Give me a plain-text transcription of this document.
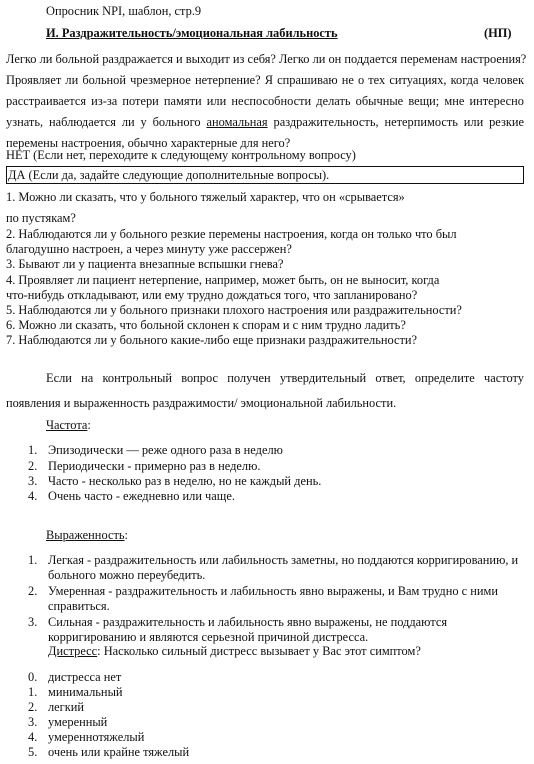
Опросник NPI, шаблон, стр.9
И. Раздражительность/эмоциональная лабильность	(НП)
Легко ли больной раздражается и выходит из себя? Легко ли он поддается переменам настроения?
Проявляет ли больной чрезмерное нетерпение? Я спрашиваю не о тех ситуациях, когда человек
расстраивается из-за потери памяти или неспособности делать обычные вещи; мне интересно
узнать, наблюдается ли у больного аномальная раздражительность, нетерпимость или резкие
перемены настроения, обычно характерные для него?
НЕТ (Если нет, переходите к следующему контрольному вопросу)
ДА (Если да, задайте следующие дополнительные вопросы).
1. Можно ли сказать, что у больного тяжелый характер, что он «срывается»
по пустякам?
2. Наблюдаются ли у больного резкие перемены настроения, когда он только что был
благодушно настроен, а через минуту уже рассержен?
3. Бывают ли у пациента внезапные вспышки гнева?
4. Проявляет ли пациент нетерпение, например, может быть, он не выносит, когда
что-нибудь откладывают, или ему трудно дождаться того, что запланировано?
5. Наблюдаются ли у больного признаки плохого настроения или раздражительности?
6. Можно ли сказать, что больной склонен к спорам и с ним трудно ладить?
7. Наблюдаются ли у больного какие-либо еще признаки раздражительности?
Если на контрольный вопрос получен утвердительный ответ, определите частоту
появления и выраженность раздражимости/ эмоциональной лабильности.
Частота:
1. Эпизодически — реже одного раза в неделю
2. Периодически - примерно раз в неделю.
3. Часто - несколько раз в неделю, но не каждый день.
4. Очень часто - ежедневно или чаще.
Выраженность:
1. Легкая - раздражительность или лабильность заметны, но поддаются корригированию, и
больного можно переубедить.
2. Умеренная - раздражительность и лабильность явно выражены, и Вам трудно с ними
справиться.
3. Сильная - раздражительность и лабильность явно выражены, не поддаются
корригированию и являются серьезной причиной дистресса.
Дистресс: Насколько сильный дистресс вызывает у Вас этот симптом?
0. дистресса нет
1. минимальный
2. легкий
3. умеренный
4. умереннотяжелый
5. очень или крайне тяжелый
